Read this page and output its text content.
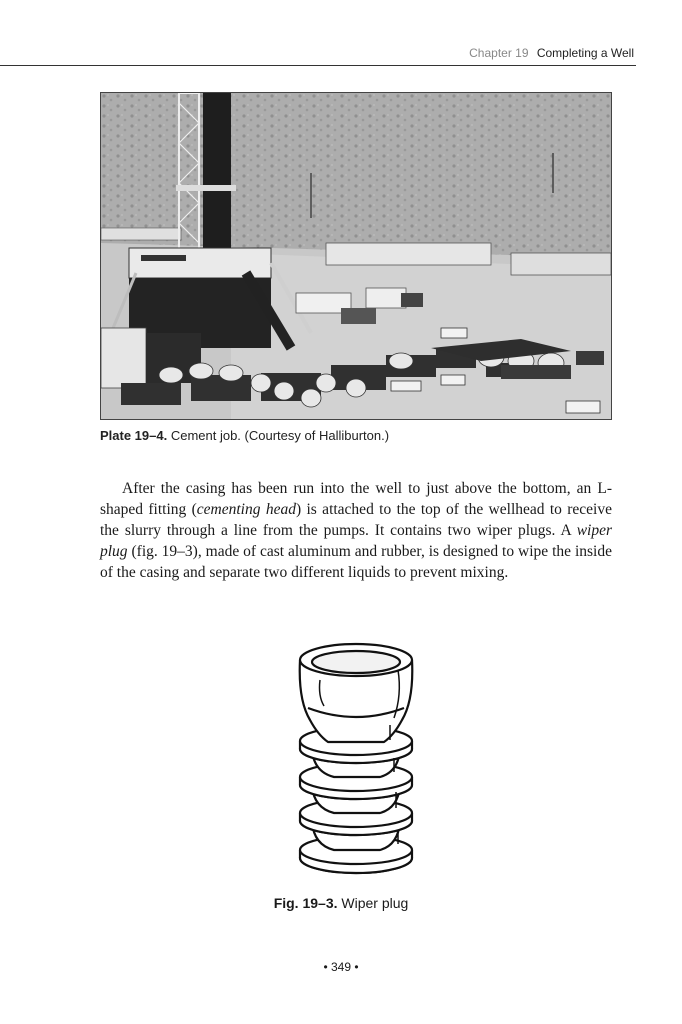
Chapter 19 Completing a Well
Plate 19–4. Cement job. (Courtesy of Halliburton.)

After the casing has been run into the well to just above the bottom, an L-shaped fitting (cementing head) is attached to the top of the wellhead to receive the slurry through a line from the pumps. It contains two wiper plugs. A wiper plug (fig. 19–3), made of cast aluminum and rubber, is designed to wipe the inside of the casing and separate two different liquids to prevent mixing.

Fig. 19–3. Wiper plug
• 349 •
